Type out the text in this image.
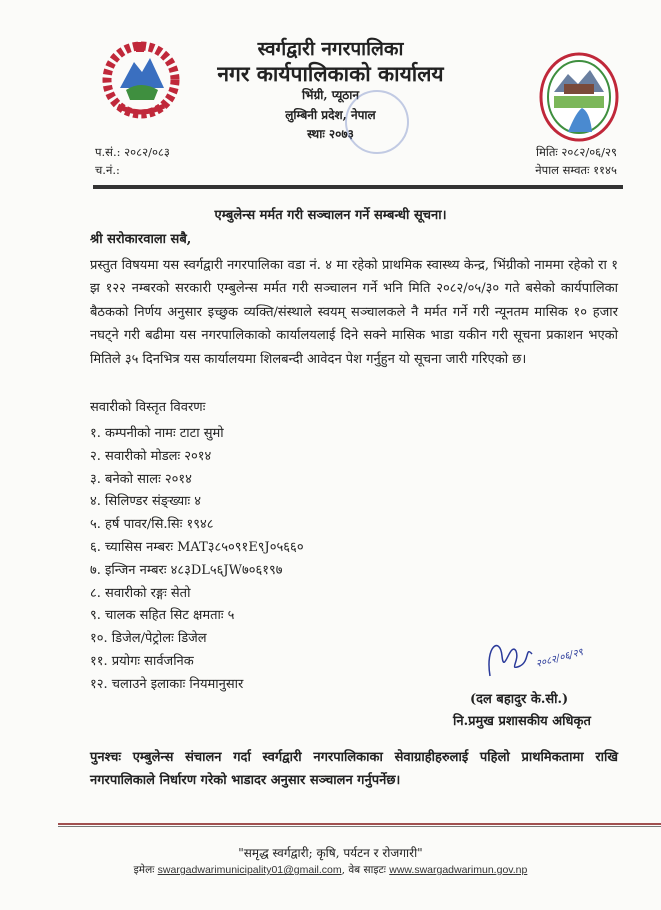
स्वर्गद्वारी नगरपालिका
नगर कार्यपालिकाको कार्यालय
भिंग्री, प्यूठान
लुम्बिनी प्रदेश, नेपाल
स्थाः २०७३
प.सं.: २०८२/०८३
च.नं.:
मितिः २०८२/०६/२९
नेपाल सम्वतः ११४५
एम्बुलेन्स मर्मत गरी सञ्चालन गर्ने सम्बन्धी सूचना।
श्री सरोकारवाला सबै,
प्रस्तुत विषयमा यस स्वर्गद्वारी नगरपालिका वडा नं. ४ मा रहेको प्राथमिक स्वास्थ्य केन्द्र, भिंग्रीको नाममा रहेको रा १ झ १२२ नम्बरको सरकारी एम्बुलेन्स मर्मत गरी सञ्चालन गर्ने भनि मिति २०८२/०५/३० गते बसेको कार्यपालिका बैठकको निर्णय अनुसार इच्छुक व्यक्ति/संस्थाले स्वयम् सञ्चालकले नै मर्मत गर्ने गरी न्यूनतम मासिक १० हजार नघट्ने गरी बढीमा यस नगरपालिकाको कार्यालयलाई दिने सक्ने मासिक भाडा यकीन गरी सूचना प्रकाशन भएको मितिले ३५ दिनभित्र यस कार्यालयमा शिलबन्दी आवेदन पेश गर्नुहुन यो सूचना जारी गरिएको छ।
सवारीको विस्तृत विवरणः
१. कम्पनीको नामः टाटा सुमो
२. सवारीको मोडलः २०१४
३. बनेको सालः २०१४
४. सिलिण्डर संङ्ख्याः ४
५. हर्ष पावर/सि.सिः १९४८
६. च्यासिस नम्बरः MAT३८५०९१E९J०५६६०
७. इन्जिन नम्बरः ४८३DL५६JW७०६१९७
८. सवारीको रङ्गः सेतो
९. चालक सहित सिट क्षमताः ५
१०. डिजेल/पेट्रोलः डिजेल
११. प्रयोगः सार्वजनिक
१२. चलाउने इलाकाः नियमानुसार
२०८२/०६/२९
(दल बहादुर के.सी.)
नि.प्रमुख प्रशासकीय अधिकृत
पुनश्चः एम्बुलेन्स संचालन गर्दा स्वर्गद्वारी नगरपालिकाका सेवाग्राहीहरुलाई पहिलो प्राथमिकतामा राखि नगरपालिकाले निर्धारण गरेको भाडादर अनुसार सञ्चालन गर्नुपर्नेछ।
"समृद्ध स्वर्गद्वारी; कृषि, पर्यटन र रोजगारी"
इमेलः swargadwarimunicipality01@gmail.com, वेब साइटः www.swargadwarimun.gov.np
